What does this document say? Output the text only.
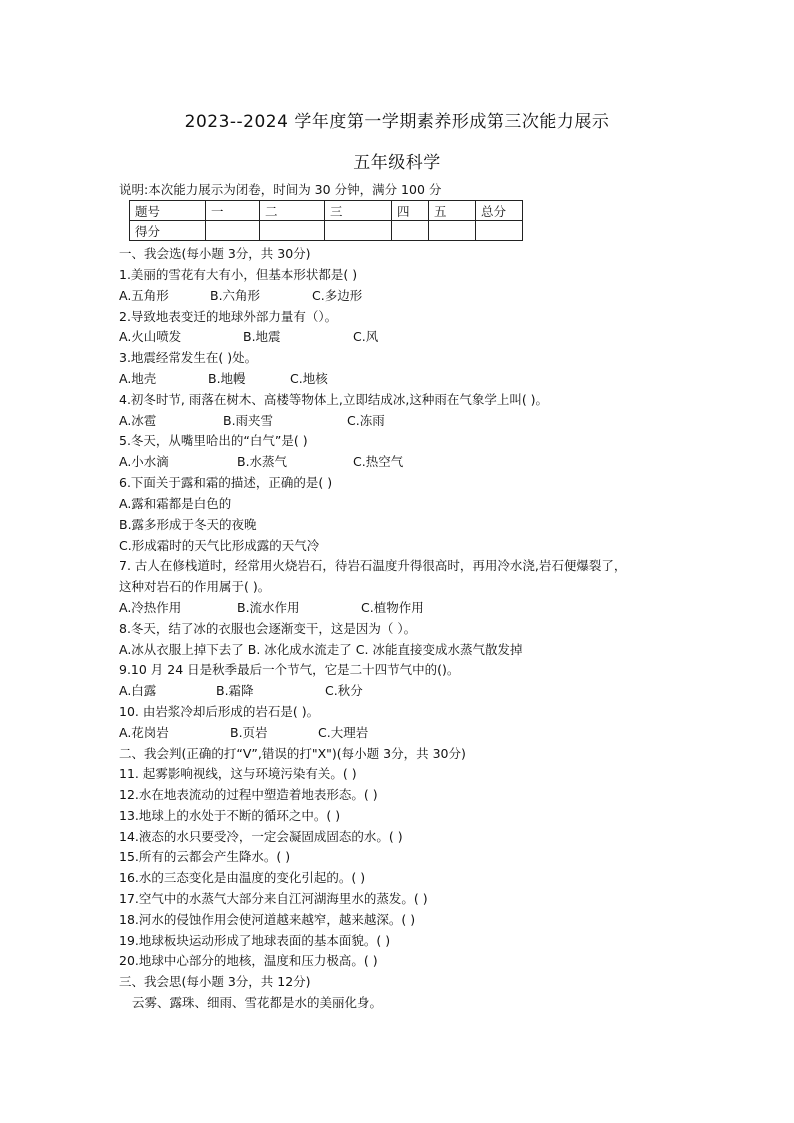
2023--2024 学年度第一学期素养形成第三次能力展示
五年级科学
说明:本次能力展示为闭卷，时间为 30 分钟，满分 100 分
题号	一	二	三	四	五	总分
得分						
一、我会选(每小题 3分，共 30分)
1.美丽的雪花有大有小，但基本形状都是( )
A.五角形	B.六角形	C.多边形
2.导致地表变迁的地球外部力量有（）。
A.火山喷发	B.地震	C.风
3.地震经常发生在( )处。
A.地壳	B.地幔	C.地核
4.初冬时节, 雨落在树木、高楼等物体上,立即结成冰,这种雨在气象学上叫( )。
A.冰雹	B.雨夹雪	C.冻雨
5.冬天，从嘴里哈出的“白气”是( )
A.小水滴	B.水蒸气	C.热空气
6.下面关于露和霜的描述，正确的是( )
A.露和霜都是白色的
B.露多形成于冬天的夜晚
C.形成霜时的天气比形成露的天气冷
7. 古人在修栈道时，经常用火烧岩石，待岩石温度升得很高时，再用冷水浇,岩石便爆裂了，
这种对岩石的作用属于( )。
A.冷热作用	B.流水作用	C.植物作用
8.冬天，结了冰的衣服也会逐渐变干，这是因为（ ）。
A.冰从衣服上掉下去了 B. 冰化成水流走了 C. 冰能直接变成水蒸气散发掉
9.10 月 24 日是秋季最后一个节气，它是二十四节气中的()。
A.白露	B.霜降	C.秋分
10. 由岩浆冷却后形成的岩石是( )。
A.花岗岩	B.页岩	C.大理岩
二、我会判(正确的打“V”,错误的打"X")(每小题 3分，共 30分)
11. 起雾影响视线，这与环境污染有关。( )
12.水在地表流动的过程中塑造着地表形态。( )
13.地球上的水处于不断的循环之中。( )
14.液态的水只要受冷，一定会凝固成固态的水。( )
15.所有的云都会产生降水。( )
16.水的三态变化是由温度的变化引起的。( )
17.空气中的水蒸气大部分来自江河湖海里水的蒸发。( )
18.河水的侵蚀作用会使河道越来越窄，越来越深。( )
19.地球板块运动形成了地球表面的基本面貌。( )
20.地球中心部分的地核，温度和压力极高。( )
三、我会思(每小题 3分，共 12分)
云雾、露珠、细雨、雪花都是水的美丽化身。
